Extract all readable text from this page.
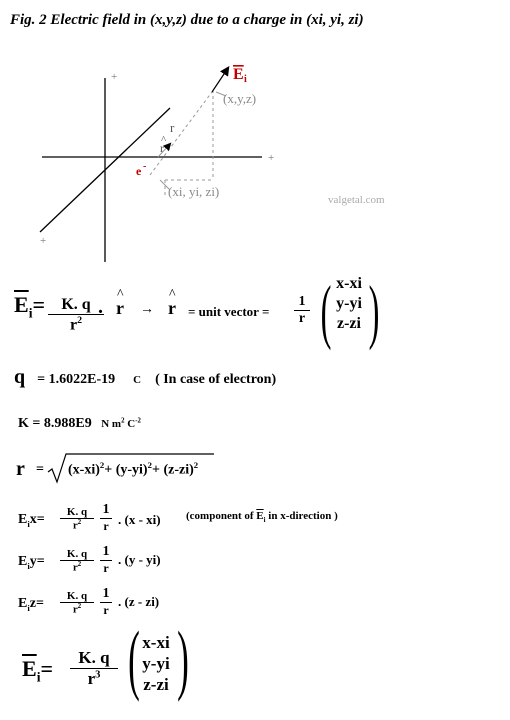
Fig. 2 Electric field in (x,y,z) due to a charge in (xi, yi, zi)
+
+
+
E i
(x,y,z)
r
r
^
e -
(xi, yi, zi)
valgetal.com
$\overline{E}_i= \frac{K. q}{r^2}$
. ^ r → ^ r = unit vector = $\frac{1}{r}$ ( x-xi
y-yi
z-zi )
q = 1.6022E-19 C ( In case of electron)
K = 8.988E9 N $m^2$ $C^{-2}$
$r = (x-xi)^2+ (y-yi)^2+ (z-zi)^2$
$E_ix= \frac{K. q}{r^2} \frac{1}{r}$ . (x - xi) (component of $\overline{E}_i$ in x-direction )
$E_iy= \frac{K. q}{r^2} \frac{1}{r}$ . (y - yi)
$E_iz= \frac{K. q}{r^2} \frac{1}{r}$ . (z - zi)
$\overline{E}_i= \frac{K. q}{r^3}$ ( x-xi
y-yi
z-zi )
